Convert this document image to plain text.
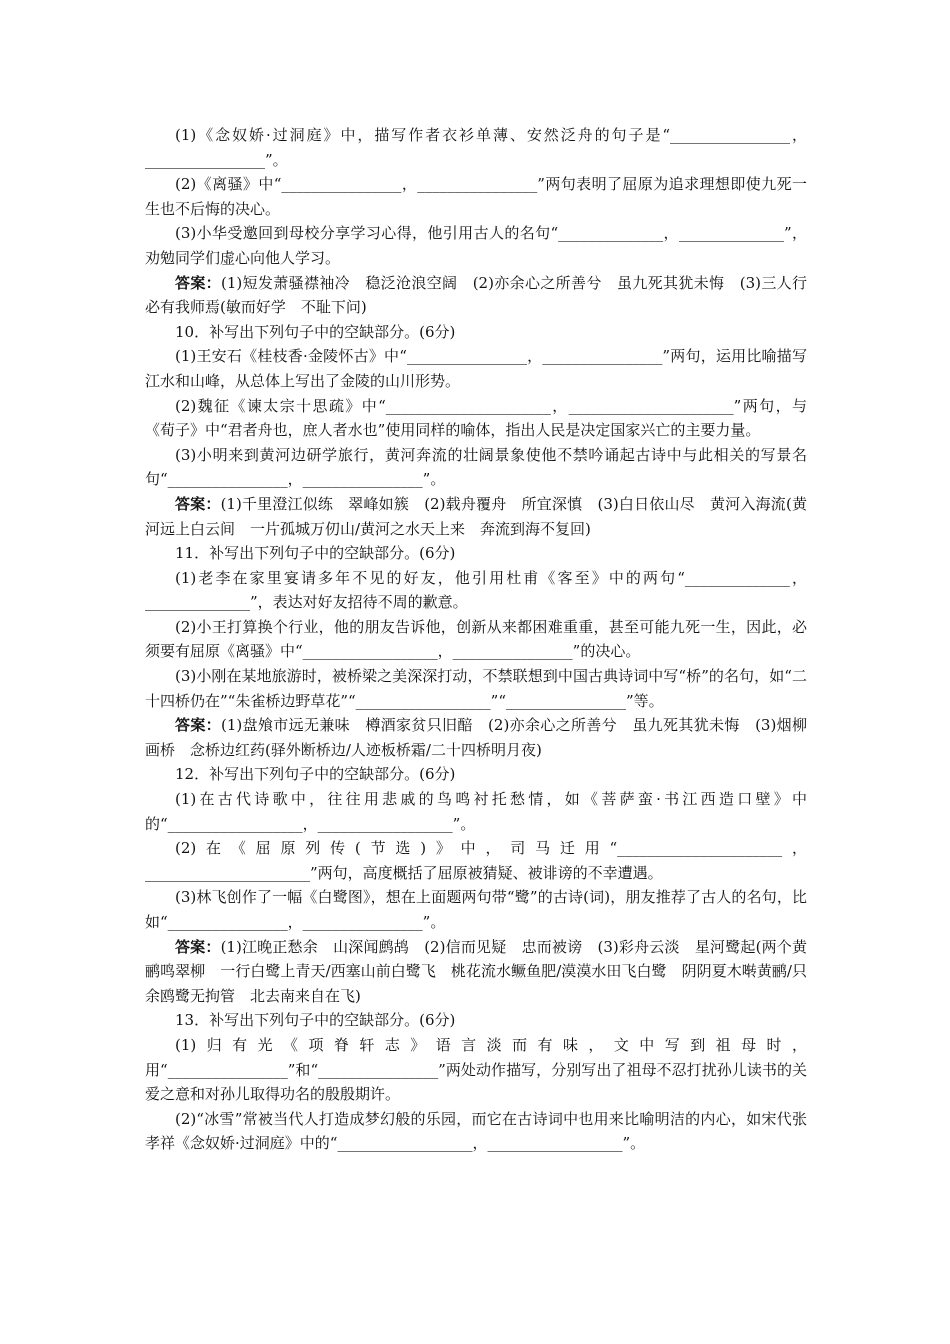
(1)《念奴娇·过洞庭》中，描写作者衣衫单薄、安然泛舟的句子是“________________，________________”。

(2)《离骚》中“________________，________________”两句表明了屈原为追求理想即使九死一生也不后悔的决心。

(3)小华受邀回到母校分享学习心得，他引用古人的名句“______________，______________”，劝勉同学们虚心向他人学习。

答案：(1)短发萧骚襟袖冷　稳泛沧浪空阔　(2)亦余心之所善兮　虽九死其犹未悔　(3)三人行　必有我师焉(敏而好学　不耻下问)

10．补写出下列句子中的空缺部分。(6分)

(1)王安石《桂枝香·金陵怀古》中“________________，________________”两句，运用比喻描写江水和山峰，从总体上写出了金陵的山川形势。

(2)魏征《谏太宗十思疏》中“______________________，______________________”两句，与《荀子》中“君者舟也，庶人者水也”使用同样的喻体，指出人民是决定国家兴亡的主要力量。

(3)小明来到黄河边研学旅行，黄河奔流的壮阔景象使他不禁吟诵起古诗中与此相关的写景名句“________________，________________”。

答案：(1)千里澄江似练　翠峰如簇　(2)载舟覆舟　所宜深慎　(3)白日依山尽　黄河入海流(黄河远上白云间　一片孤城万仞山/黄河之水天上来　奔流到海不复回)

11．补写出下列句子中的空缺部分。(6分)

(1)老李在家里宴请多年不见的好友，他引用杜甫《客至》中的两句“______________，______________”，表达对好友招待不周的歉意。

(2)小王打算换个行业，他的朋友告诉他，创新从来都困难重重，甚至可能九死一生，因此，必须要有屈原《离骚》中“__________________，________________”的决心。

(3)小刚在某地旅游时，被桥梁之美深深打动，不禁联想到中国古典诗词中写“桥”的名句，如“二十四桥仍在”“朱雀桥边野草花”“__________________”“________________”等。

答案：(1)盘飧市远无兼味　樽酒家贫只旧醅　(2)亦余心之所善兮　虽九死其犹未悔　(3)烟柳画桥　念桥边红药(驿外断桥边/人迹板桥霜/二十四桥明月夜)

12．补写出下列句子中的空缺部分。(6分)

(1)在古代诗歌中，往往用悲戚的鸟鸣衬托愁情，如《菩萨蛮·书江西造口壁》中的“__________________，__________________”。

(2)在《屈原列传(节选)》中，司马迁用“______________________，______________________”两句，高度概括了屈原被猜疑、被诽谤的不幸遭遇。

(3)林飞创作了一幅《白鹭图》，想在上面题两句带“鹭”的古诗(词)，朋友推荐了古人的名句，比如“________________，________________”。

答案：(1)江晚正愁余　山深闻鹧鸪　(2)信而见疑　忠而被谤　(3)彩舟云淡　星河鹭起(两个黄鹂鸣翠柳　一行白鹭上青天/西塞山前白鹭飞　桃花流水鳜鱼肥/漠漠水田飞白鹭　阴阴夏木啭黄鹂/只余鸥鹭无拘管　北去南来自在飞)

13．补写出下列句子中的空缺部分。(6分)

(1)归有光《项脊轩志》语言淡而有味，文中写到祖母时，用“________________”和“________________”两处动作描写，分别写出了祖母不忍打扰孙儿读书的关爱之意和对孙儿取得功名的殷殷期许。

(2)“冰雪”常被当代人打造成梦幻般的乐园，而它在古诗词中也用来比喻明洁的内心，如宋代张孝祥《念奴娇·过洞庭》中的“__________________，__________________”。
